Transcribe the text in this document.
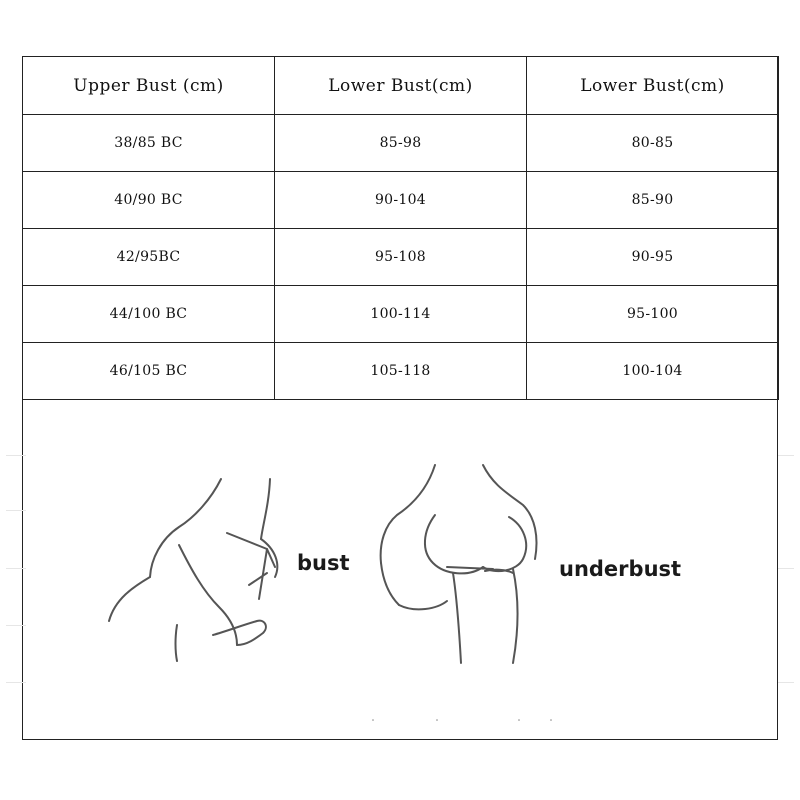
Upper Bust (cm)	Lower Bust(cm)	Lower Bust(cm)
38/85 BC	85-98	80-85
40/90 BC	90-104	85-90
42/95BC	95-108	90-95
44/100 BC	100-114	95-100
46/105 BC	105-118	100-104
bust	underbust
